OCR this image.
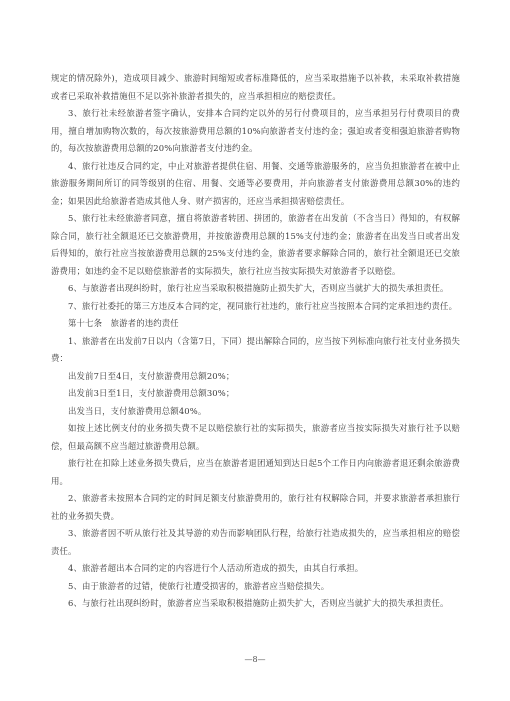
规定的情况除外)，造成项目减少、旅游时间缩短或者标准降低的，应当采取措施予以补救，未采取补救措施或者已采取补救措施但不足以弥补旅游者损失的，应当承担相应的赔偿责任。

3、旅行社未经旅游者签字确认，安排本合同约定以外的另行付费项目的，应当承担另行付费项目的费用，擅自增加购物次数的，每次按旅游费用总额的10%向旅游者支付违约金；强迫或者变相强迫旅游者购物的，每次按旅游费用总额的20%向旅游者支付违约金。

4、旅行社违反合同约定，中止对旅游者提供住宿、用餐、交通等旅游服务的，应当负担旅游者在被中止旅游服务期间所订的同等级别的住宿、用餐、交通等必要费用，并向旅游者支付旅游费用总额30%的违约金；如果因此给旅游者造成其他人身、财产损害的，还应当承担损害赔偿责任。

5、旅行社未经旅游者同意，擅自将旅游者转团、拼团的，旅游者在出发前（不含当日）得知的，有权解除合同，旅行社全额退还已交旅游费用，并按旅游费用总额的15%支付违约金；旅游者在出发当日或者出发后得知的，旅行社应当按旅游费用总额的25%支付违约金，旅游者要求解除合同的，旅行社全额退还已交旅游费用；如违约金不足以赔偿旅游者的实际损失，旅行社应当按实际损失对旅游者予以赔偿。

6、与旅游者出现纠纷时，旅行社应当采取积极措施防止损失扩大，否则应当就扩大的损失承担责任。

7、旅行社委托的第三方违反本合同约定，视同旅行社违约，旅行社应当按照本合同约定承担违约责任。

第十七条　旅游者的违约责任

1、旅游者在出发前7日以内（含第7日，下同）提出解除合同的，应当按下列标准向旅行社支付业务损失费：

出发前7日至4日，支付旅游费用总额20%；

出发前3日至1日，支付旅游费用总额30%；

出发当日，支付旅游费用总额40%。

如按上述比例支付的业务损失费不足以赔偿旅行社的实际损失，旅游者应当按实际损失对旅行社予以赔偿，但最高额不应当超过旅游费用总额。

旅行社在扣除上述业务损失费后，应当在旅游者退团通知到达日起5个工作日内向旅游者退还剩余旅游费用。

2、旅游者未按照本合同约定的时间足额支付旅游费用的，旅行社有权解除合同，并要求旅游者承担旅行社的业务损失费。

3、旅游者因不听从旅行社及其导游的劝告而影响团队行程，给旅行社造成损失的，应当承担相应的赔偿责任。

4、旅游者超出本合同约定的内容进行个人活动所造成的损失，由其自行承担。

5、由于旅游者的过错，使旅行社遭受损害的，旅游者应当赔偿损失。

6、与旅行社出现纠纷时，旅游者应当采取积极措施防止损失扩大，否则应当就扩大的损失承担责任。

—8—
